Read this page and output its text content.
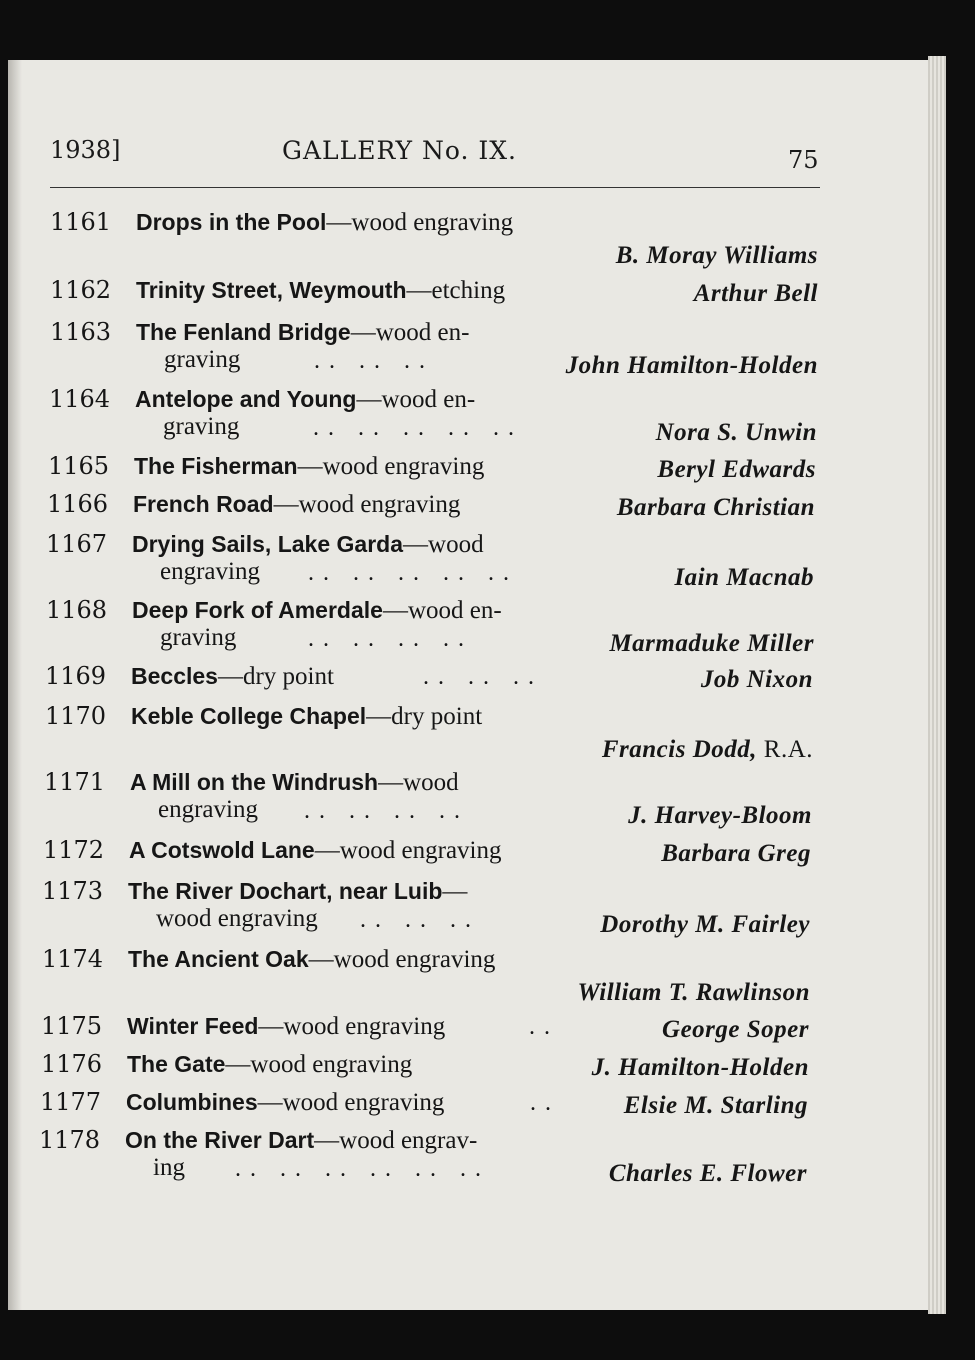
1938]	GALLERY No. IX.	75
1161 Drops in the Pool—wood engraving
B. Moray Williams
1162 Trinity Street, Weymouth—etching	Arthur Bell
1163 The Fenland Bridge—wood en-
graving	.. .. ..	John Hamilton-Holden
1164 Antelope and Young—wood en-
graving	.. .. .. .. ..	Nora S. Unwin
1165 The Fisherman—wood engraving	Beryl Edwards
1166 French Road—wood engraving	Barbara Christian
1167 Drying Sails, Lake Garda—wood
engraving .. .. .. .. ..	Iain Macnab
1168 Deep Fork of Amerdale—wood en-
graving	.. .. .. ..	Marmaduke Miller
1169 Beccles—dry point	.. .. ..	Job Nixon
1170 Keble College Chapel—dry point
Francis Dodd, R.A.
1171 A Mill on the Windrush—wood
engraving .. .. .. ..	J. Harvey-Bloom
1172 A Cotswold Lane—wood engraving	Barbara Greg
1173 The River Dochart, near Luib—
wood engraving .. .. ..	Dorothy M. Fairley
1174 The Ancient Oak—wood engraving
William T. Rawlinson
1175 Winter Feed—wood engraving	..	George Soper
1176 The Gate—wood engraving	J. Hamilton-Holden
1177 Columbines—wood engraving	..	Elsie M. Starling
1178 On the River Dart—wood engrav-
ing .. .. .. .. .. ..	Charles E. Flower
